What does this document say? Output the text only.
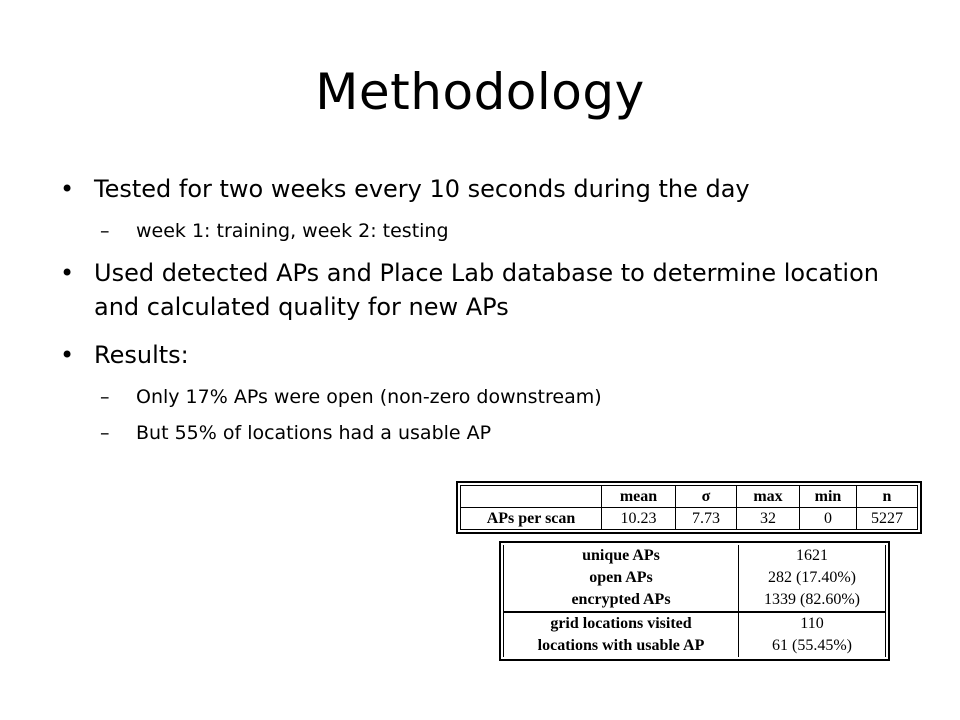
Methodology
• Tested for two weeks every 10 seconds during the day
– week 1: training, week 2: testing
• Used detected APs and Place Lab database to determine location and calculated quality for new APs
• Results:
– Only 17% APs were open (non-zero downstream)
– But 55% of locations had a usable AP
	mean	σ	max	min	n
APs per scan	10.23	7.73	32	0	5227
unique APs	1621
open APs	282 (17.40%)
encrypted APs	1339 (82.60%)
grid locations visited	110
locations with usable AP	61 (55.45%)
